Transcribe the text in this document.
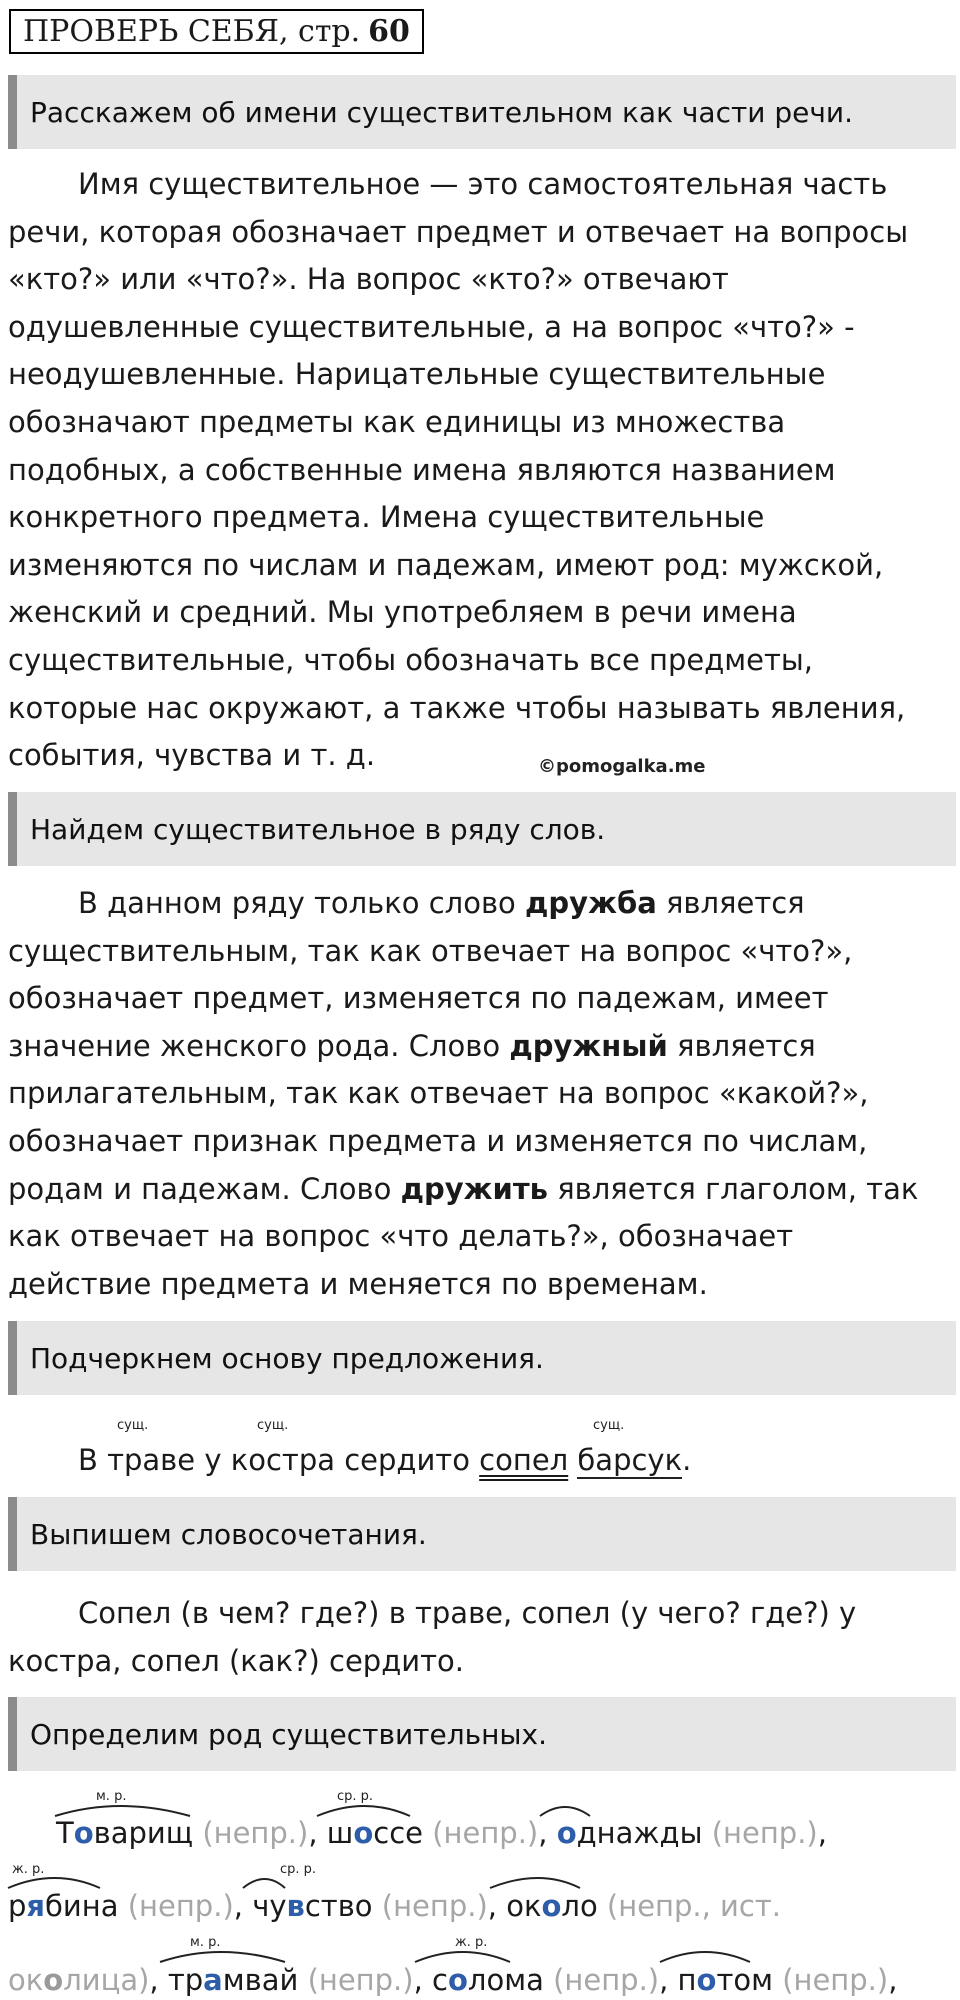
ПРОВЕРЬ СЕБЯ, стр. 60
Расскажем об имени существительном как части речи.
Имя существительное — это самостоятельная часть
речи, которая обозначает предмет и отвечает на вопросы
«кто?» или «что?». На вопрос «кто?» отвечают
одушевленные существительные, а на вопрос «что?» -
неодушевленные. Нарицательные существительные
обозначают предметы как единицы из множества
подобных, а собственные имена являются названием
конкретного предмета. Имена существительные
изменяются по числам и падежам, имеют род: мужской,
женский и средний. Мы употребляем в речи имена
существительные, чтобы обозначать все предметы,
которые нас окружают, а также чтобы называть явления,
события, чувства и т. д.	©pomogalka.me
Найдем существительное в ряду слов.
В данном ряду только слово дружба является
существительным, так как отвечает на вопрос «что?»,
обозначает предмет, изменяется по падежам, имеет
значение женского рода. Слово дружный является
прилагательным, так как отвечает на вопрос «какой?»,
обозначает признак предмета и изменяется по числам,
родам и падежам. Слово дружить является глаголом, так
как отвечает на вопрос «что делать?», обозначает
действие предмета и меняется по временам.
Подчеркнем основу предложения.
сущ.	сущ.	сущ.
В траве у костра сердито сопел барсук.
Выпишем словосочетания.
Сопел (в чем? где?) в траве, сопел (у чего? где?) у
костра, сопел (как?) сердито.
Определим род существительных.
м. р.	ср. р.
ж. р.	ср. р.
м. р.	ж. р.
Товарищ (непр.), шоссе (непр.), однажды (непр.),
рябина (непр.), чувство (непр.), около (непр., ист.
околица), трамвай (непр.), солома (непр.), потом (непр.),
